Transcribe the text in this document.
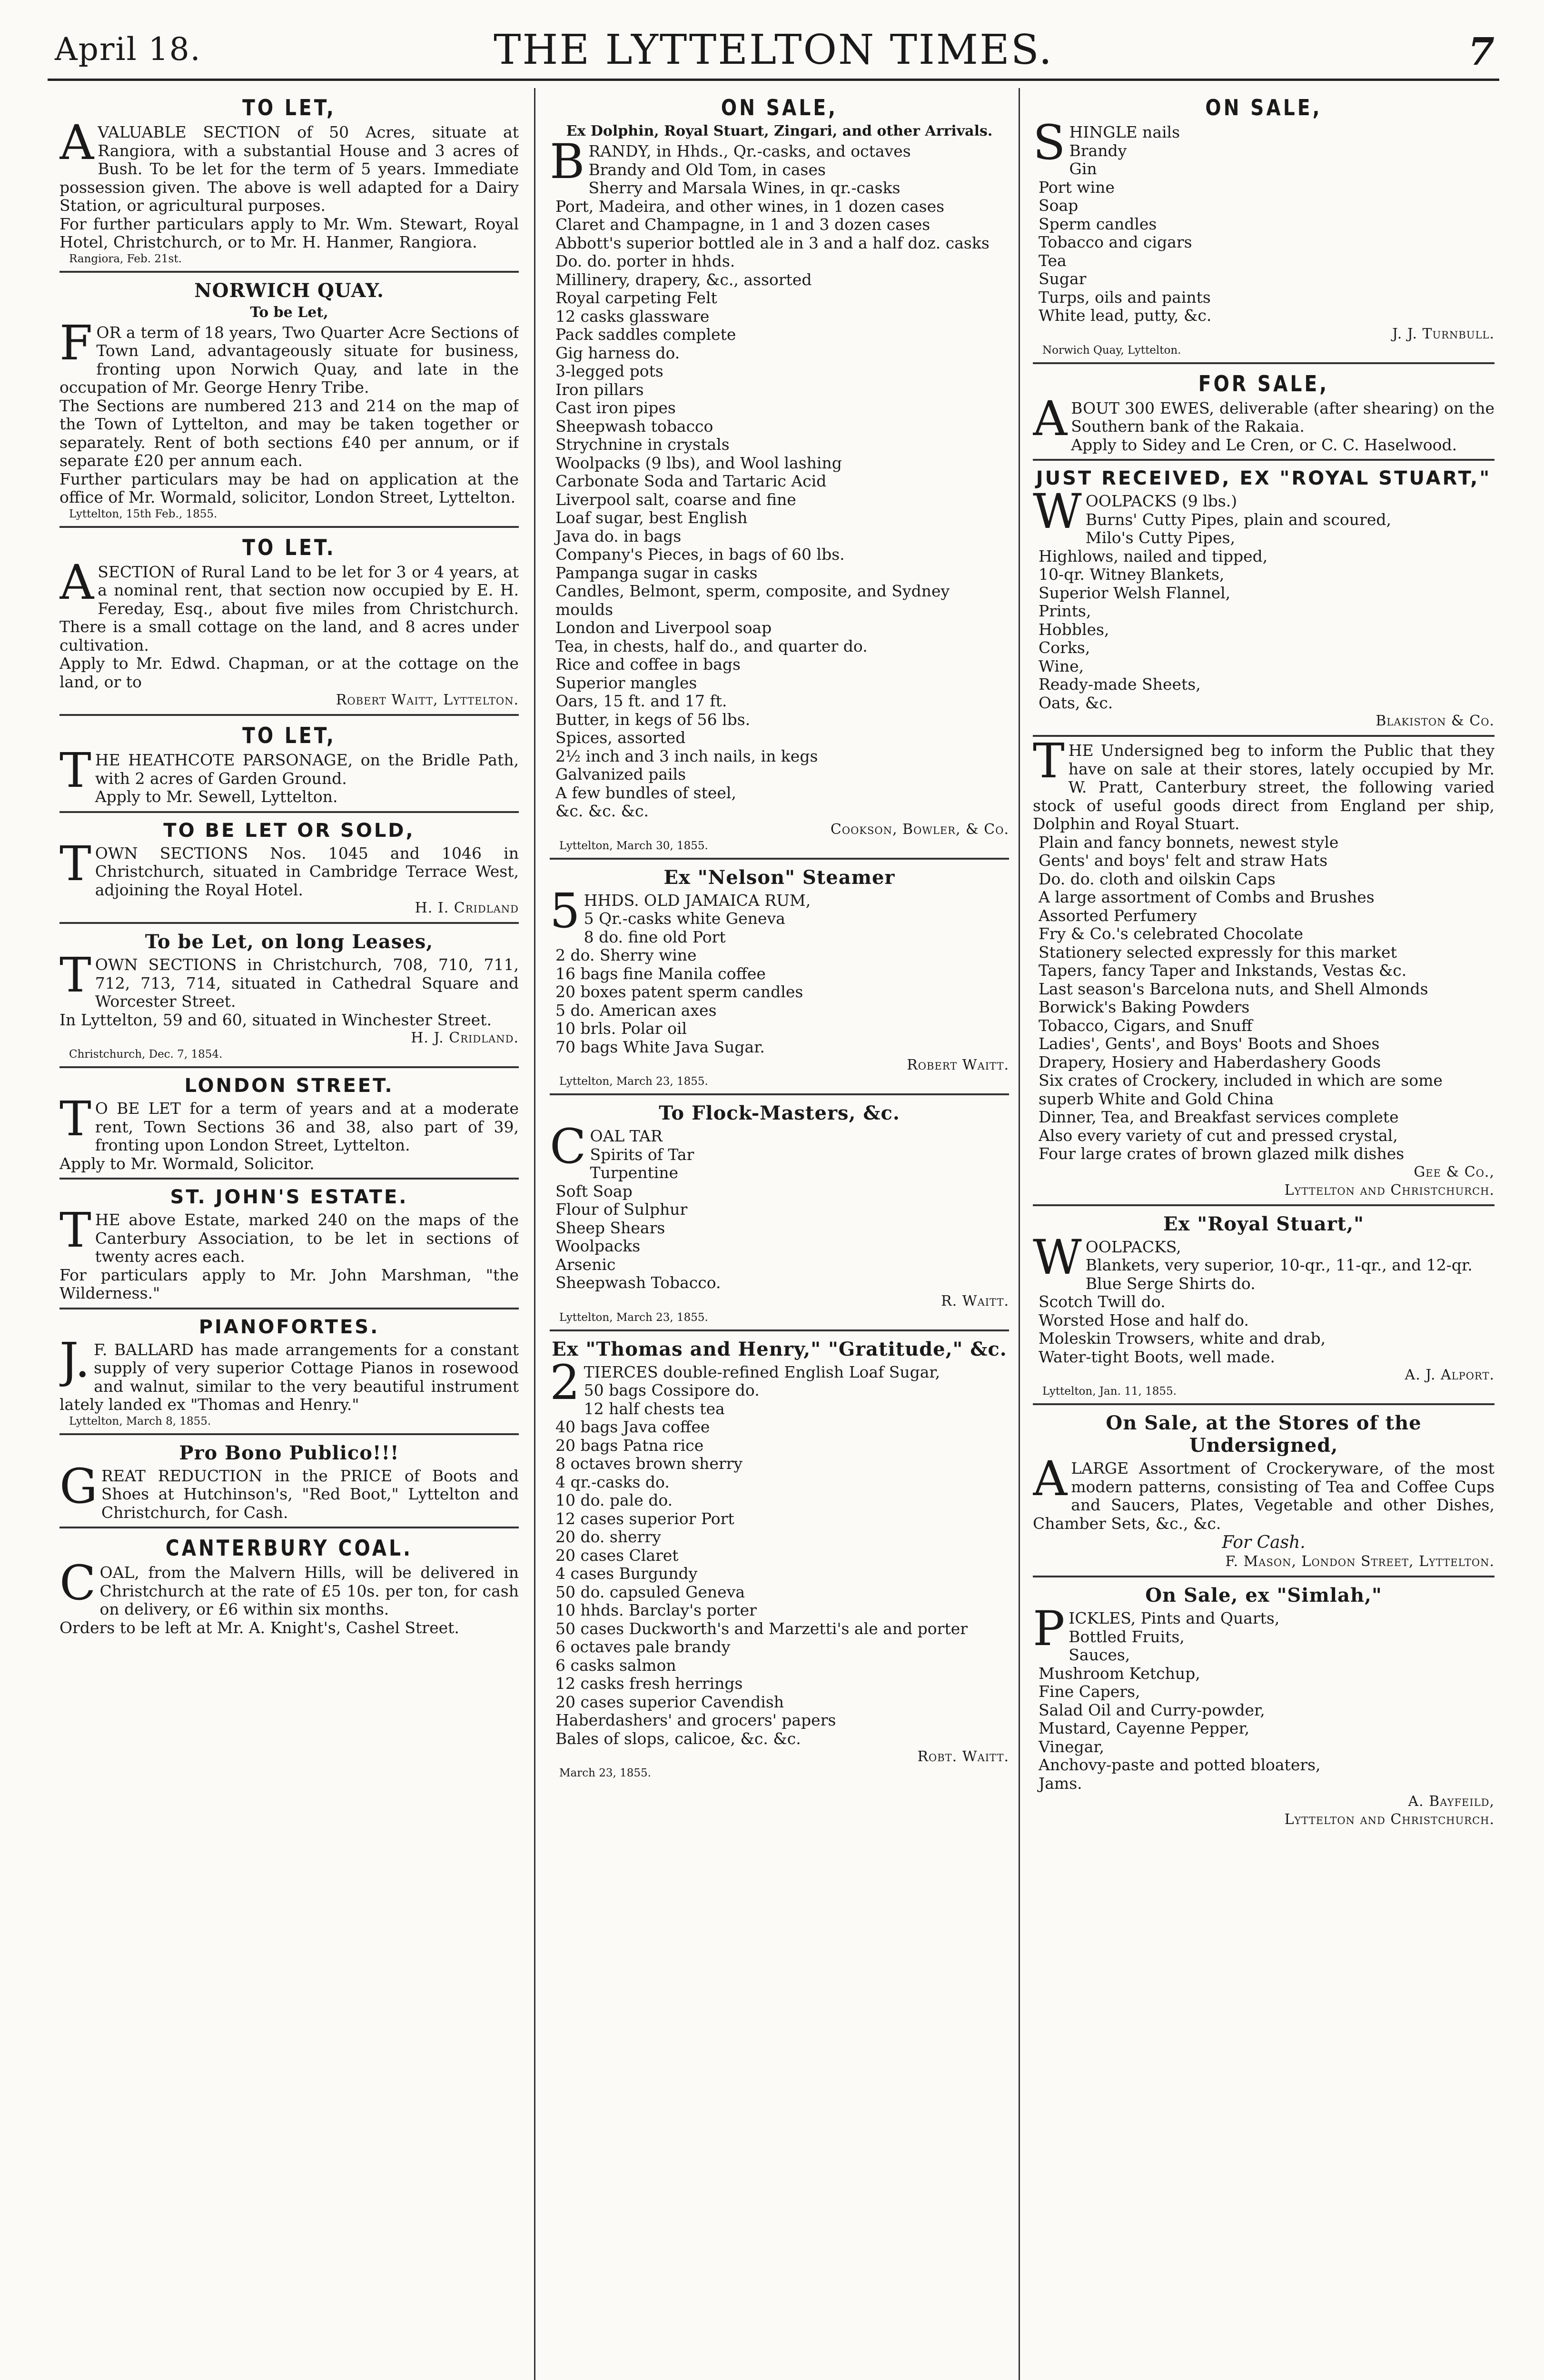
April 18.	THE LYTTELTON TIMES.	7
TO LET,

AVALUABLE SECTION of 50 Acres, situate at Rangiora, with a substantial House and 3 acres of Bush. To be let for the term of 5 years. Immediate possession given. The above is well adapted for a Dairy Station, or agricultural purposes.

For further particulars apply to Mr. Wm. Stewart, Royal Hotel, Christchurch, or to Mr. H. Hanmer, Rangiora.

Rangiora, Feb. 21st.
NORWICH QUAY.
To be Let,

FOR a term of 18 years, Two Quarter Acre Sections of Town Land, advantageously situate for business, fronting upon Norwich Quay, and late in the occupation of Mr. George Henry Tribe.

The Sections are numbered 213 and 214 on the map of the Town of Lyttelton, and may be taken together or separately. Rent of both sections £40 per annum, or if separate £20 per annum each.

Further particulars may be had on application at the office of Mr. Wormald, solicitor, London Street, Lyttelton.

Lyttelton, 15th Feb., 1855.
TO LET.

ASECTION of Rural Land to be let for 3 or 4 years, at a nominal rent, that section now occupied by E. H. Fereday, Esq., about five miles from Christchurch. There is a small cottage on the land, and 8 acres under cultivation.

Apply to Mr. Edwd. Chapman, or at the cottage on the land, or to

Robert Waitt, Lyttelton.
TO LET,

THE HEATHCOTE PARSONAGE, on the Bridle Path, with 2 acres of Garden Ground.

Apply to Mr. Sewell, Lyttelton.

TO BE LET OR SOLD,

TOWN SECTIONS Nos. 1045 and 1046 in Christchurch, situated in Cambridge Terrace West, adjoining the Royal Hotel.

H. I. Cridland
To be Let, on long Leases,

TOWN SECTIONS in Christchurch, 708, 710, 711, 712, 713, 714, situated in Cathedral Square and Worcester Street.

In Lyttelton, 59 and 60, situated in Winchester Street.

H. J. Cridland.
Christchurch, Dec. 7, 1854.
LONDON STREET.

TO BE LET for a term of years and at a moderate rent, Town Sections 36 and 38, also part of 39, fronting upon London Street, Lyttelton.

Apply to Mr. Wormald, Solicitor.

ST. JOHN'S ESTATE.

THE above Estate, marked 240 on the maps of the Canterbury Association, to be let in sections of twenty acres each.

For particulars apply to Mr. John Marshman, "the Wilderness."

PIANOFORTES.

J.F. BALLARD has made arrangements for a constant supply of very superior Cottage Pianos in rosewood and walnut, similar to the very beautiful instrument lately landed ex "Thomas and Henry."

Lyttelton, March 8, 1855.
Pro Bono Publico!!!

GREAT REDUCTION in the PRICE of Boots and Shoes at Hutchinson's, "Red Boot," Lyttelton and Christchurch, for Cash.

CANTERBURY COAL.

COAL, from the Malvern Hills, will be delivered in Christchurch at the rate of £5 10s. per ton, for cash on delivery, or £6 within six months.

Orders to be left at Mr. A. Knight's, Cashel Street.

ON SALE,
Ex Dolphin, Royal Stuart, Zingari, and other Arrivals.

BRANDY, in Hhds., Qr.-casks, and octaves

Brandy and Old Tom, in cases
Sherry and Marsala Wines, in qr.-casks
Port, Madeira, and other wines, in 1 dozen cases
Claret and Champagne, in 1 and 3 dozen cases
Abbott's superior bottled ale in 3 and a half doz. casks
Do. do. porter in hhds.
Millinery, drapery, &c., assorted
Royal carpeting Felt
12 casks glassware
Pack saddles complete
Gig harness do.
3-legged pots
Iron pillars
Cast iron pipes
Sheepwash tobacco
Strychnine in crystals
Woolpacks (9 lbs), and Wool lashing
Carbonate Soda and Tartaric Acid
Liverpool salt, coarse and fine
Loaf sugar, best English
Java do. in bags
Company's Pieces, in bags of 60 lbs.
Pampanga sugar in casks
Candles, Belmont, sperm, composite, and Sydney moulds
London and Liverpool soap
Tea, in chests, half do., and quarter do.
Rice and coffee in bags
Superior mangles
Oars, 15 ft. and 17 ft.
Butter, in kegs of 56 lbs.
Spices, assorted
2½ inch and 3 inch nails, in kegs
Galvanized pails
A few bundles of steel,
&c. &c. &c.
Cookson, Bowler, & Co.
Lyttelton, March 30, 1855.
Ex "Nelson" Steamer

5HHDS. OLD JAMAICA RUM,

5 Qr.-casks white Geneva
8 do. fine old Port
2 do. Sherry wine
16 bags fine Manila coffee
20 boxes patent sperm candles
5 do. American axes
10 brls. Polar oil
70 bags White Java Sugar.
Robert Waitt.
Lyttelton, March 23, 1855.
To Flock-Masters, &c.

COAL TAR

Spirits of Tar
Turpentine
Soft Soap
Flour of Sulphur
Sheep Shears
Woolpacks
Arsenic
Sheepwash Tobacco.
R. Waitt.
Lyttelton, March 23, 1855.
Ex "Thomas and Henry," "Gratitude," &c.

2TIERCES double-refined English Loaf Sugar,

50 bags Cossipore do.
12 half chests tea
40 bags Java coffee
20 bags Patna rice
8 octaves brown sherry
4 qr.-casks do.
10 do. pale do.
12 cases superior Port
20 do. sherry
20 cases Claret
4 cases Burgundy
50 do. capsuled Geneva
10 hhds. Barclay's porter
50 cases Duckworth's and Marzetti's ale and porter
6 octaves pale brandy
6 casks salmon
12 casks fresh herrings
20 cases superior Cavendish
Haberdashers' and grocers' papers
Bales of slops, calicoe, &c. &c.
Robt. Waitt.
March 23, 1855.
ON SALE,

SHINGLE nails

Brandy
Gin
Port wine
Soap
Sperm candles
Tobacco and cigars
Tea
Sugar
Turps, oils and paints
White lead, putty, &c.
J. J. Turnbull.
Norwich Quay, Lyttelton.
FOR SALE,

ABOUT 300 EWES, deliverable (after shearing) on the Southern bank of the Rakaia.

Apply to Sidey and Le Cren, or C. C. Haselwood.

JUST RECEIVED, EX "ROYAL STUART,"

WOOLPACKS (9 lbs.)

Burns' Cutty Pipes, plain and scoured,
Milo's Cutty Pipes,
Highlows, nailed and tipped,
10-qr. Witney Blankets,
Superior Welsh Flannel,
Prints,
Hobbles,
Corks,
Wine,
Ready-made Sheets,
Oats, &c.
Blakiston & Co.

THE Undersigned beg to inform the Public that they have on sale at their stores, lately occupied by Mr. W. Pratt, Canterbury street, the following varied stock of useful goods direct from England per ship, Dolphin and Royal Stuart.

Plain and fancy bonnets, newest style
Gents' and boys' felt and straw Hats
Do. do. cloth and oilskin Caps
A large assortment of Combs and Brushes
Assorted Perfumery
Fry & Co.'s celebrated Chocolate
Stationery selected expressly for this market
Tapers, fancy Taper and Inkstands, Vestas &c.
Last season's Barcelona nuts, and Shell Almonds
Borwick's Baking Powders
Tobacco, Cigars, and Snuff
Ladies', Gents', and Boys' Boots and Shoes
Drapery, Hosiery and Haberdashery Goods
Six crates of Crockery, included in which are some superb White and Gold China
Dinner, Tea, and Breakfast services complete
Also every variety of cut and pressed crystal,
Four large crates of brown glazed milk dishes
Gee & Co.,
Lyttelton and Christchurch.
Ex "Royal Stuart,"

WOOLPACKS,

Blankets, very superior, 10-qr., 11-qr., and 12-qr.
Blue Serge Shirts do.
Scotch Twill do.
Worsted Hose and half do.
Moleskin Trowsers, white and drab,
Water-tight Boots, well made.
A. J. Alport.
Lyttelton, Jan. 11, 1855.
On Sale, at the Stores of the Undersigned,

ALARGE Assortment of Crockeryware, of the most modern patterns, consisting of Tea and Coffee Cups and Saucers, Plates, Vegetable and other Dishes, Chamber Sets, &c., &c.

For Cash.
F. Mason, London Street, Lyttelton.
On Sale, ex "Simlah,"

PICKLES, Pints and Quarts,

Bottled Fruits,
Sauces,
Mushroom Ketchup,
Fine Capers,
Salad Oil and Curry-powder,
Mustard, Cayenne Pepper,
Vinegar,
Anchovy-paste and potted bloaters,
Jams.
A. Bayfeild,
Lyttelton and Christchurch.
